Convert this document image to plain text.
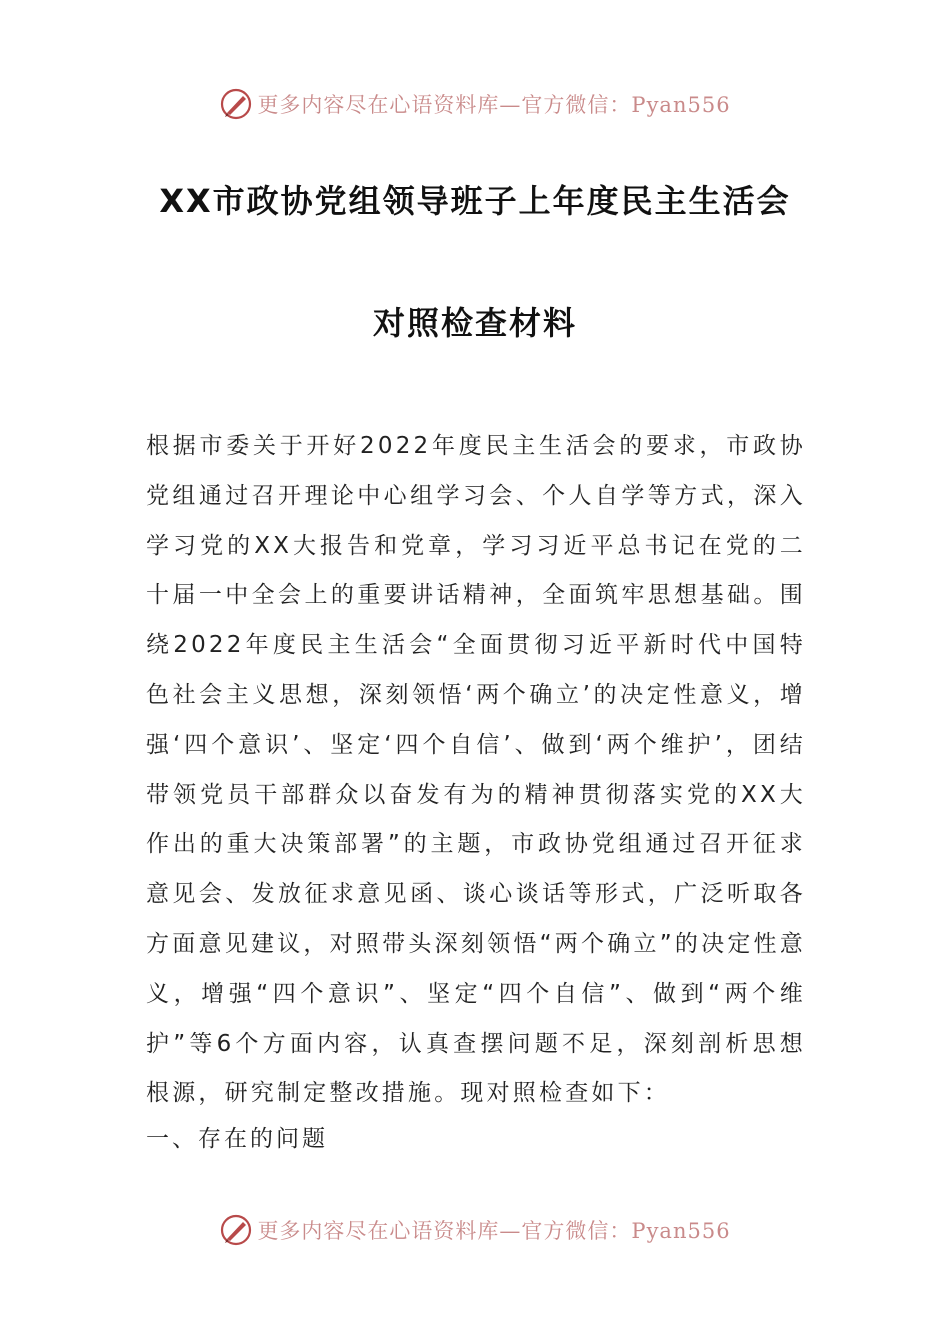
更多内容尽在心语资料库—官方微信：Pyan556
XX市政协党组领导班子上年度民主生活会
对照检查材料
根据市委关于开好2022年度民主生活会的要求，市政协党组通过召开理论中心组学习会、个人自学等方式，深入学习党的XX大报告和党章，学习习近平总书记在党的二十届一中全会上的重要讲话精神，全面筑牢思想基础。围绕2022年度民主生活会“全面贯彻习近平新时代中国特色社会主义思想，深刻领悟‘两个确立’的决定性意义，增强‘四个意识’、坚定‘四个自信’、做到‘两个维护’，团结带领党员干部群众以奋发有为的精神贯彻落实党的XX大作出的重大决策部署”的主题，市政协党组通过召开征求意见会、发放征求意见函、谈心谈话等形式，广泛听取各方面意见建议，对照带头深刻领悟“两个确立”的决定性意义，增强“四个意识”、坚定“四个自信”、做到“两个维护”等6个方面内容，认真查摆问题不足，深刻剖析思想根源，研究制定整改措施。现对照检查如下：
一、存在的问题
更多内容尽在心语资料库—官方微信：Pyan556
